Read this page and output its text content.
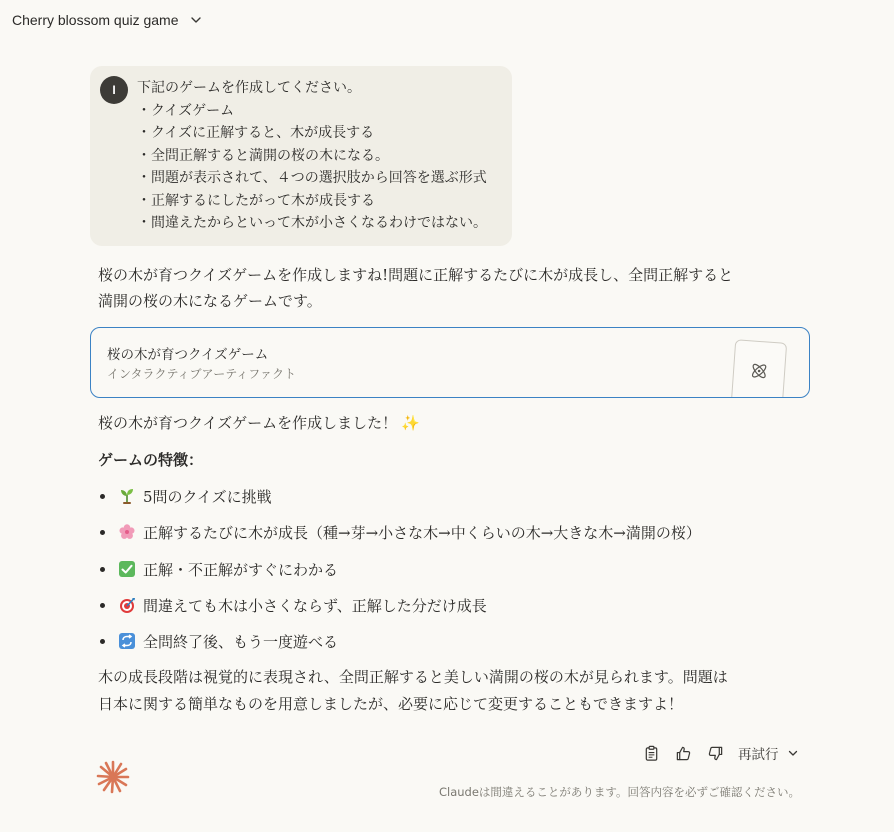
Cherry blossom quiz game
I	下記のゲームを作成してください。
・クイズゲーム
・クイズに正解すると、木が成長する
・全問正解すると満開の桜の木になる。
・問題が表示されて、４つの選択肢から回答を選ぶ形式
・正解するにしたがって木が成長する
・間違えたからといって木が小さくなるわけではない。
桜の木が育つクイズゲームを作成しますね!問題に正解するたびに木が成長し、全問正解すると
満開の桜の木になるゲームです。
桜の木が育つクイズゲーム
インタラクティブアーティファクト
桜の木が育つクイズゲームを作成しました！ ✨
ゲームの特徴：
5問のクイズに挑戦
正解するたびに木が成長（種→芽→小さな木→中くらいの木→大きな木→満開の桜）
正解・不正解がすぐにわかる
間違えても木は小さくならず、正解した分だけ成長
全問終了後、もう一度遊べる
木の成長段階は視覚的に表現され、全問正解すると美しい満開の桜の木が見られます。問題は
日本に関する簡単なものを用意しましたが、必要に応じて変更することもできますよ！
再試行
Claudeは間違えることがあります。回答内容を必ずご確認ください。
